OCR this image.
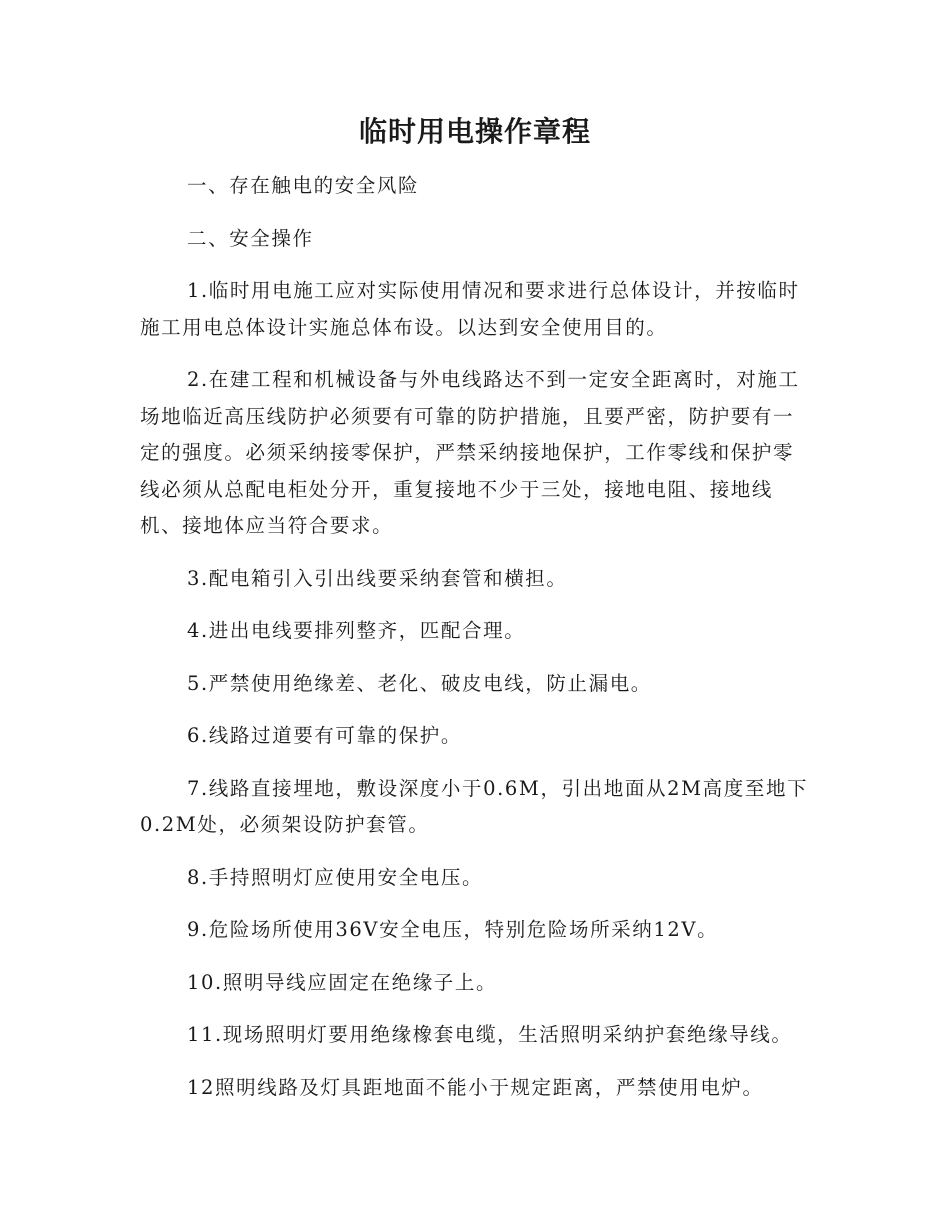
临时用电操作章程

一、存在触电的安全风险

二、安全操作

1.临时用电施工应对实际使用情况和要求进行总体设计，并按临时施工用电总体设计实施总体布设。以达到安全使用目的。

2.在建工程和机械设备与外电线路达不到一定安全距离时，对施工场地临近高压线防护必须要有可靠的防护措施，且要严密，防护要有一定的强度。必须采纳接零保护，严禁采纳接地保护，工作零线和保护零线必须从总配电柜处分开，重复接地不少于三处，接地电阻、接地线机、接地体应当符合要求。

3.配电箱引入引出线要采纳套管和横担。

4.进出电线要排列整齐，匹配合理。

5.严禁使用绝缘差、老化、破皮电线，防止漏电。

6.线路过道要有可靠的保护。

7.线路直接埋地，敷设深度小于0.6M，引出地面从2M高度至地下0.2M处，必须架设防护套管。

8.手持照明灯应使用安全电压。

9.危险场所使用36V安全电压，特别危险场所采纳12V。

10.照明导线应固定在绝缘子上。

11.现场照明灯要用绝缘橡套电缆，生活照明采纳护套绝缘导线。

12照明线路及灯具距地面不能小于规定距离，严禁使用电炉。
